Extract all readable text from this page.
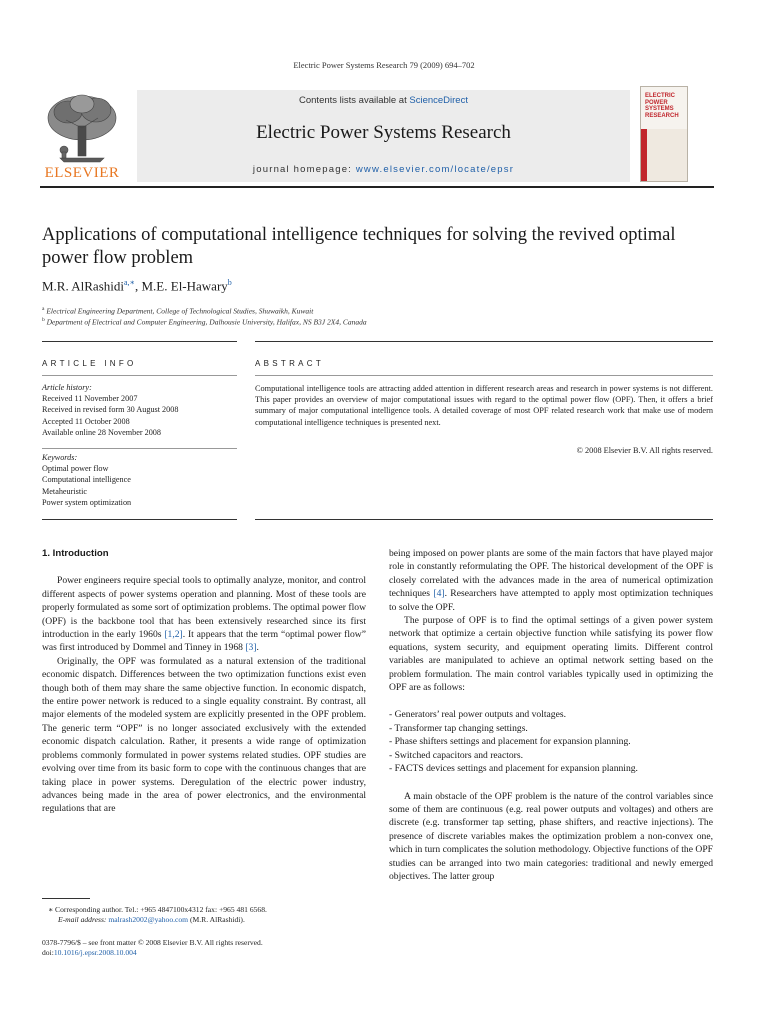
Electric Power Systems Research 79 (2009) 694–702
ELSEVIER
Contents lists available at ScienceDirect
Electric Power Systems Research
journal homepage: www.elsevier.com/locate/epsr
ELECTRIC POWER SYSTEMS RESEARCH
Applications of computational intelligence techniques for solving the revived optimal power flow problem
M.R. AlRashidi$^{a,∗}$, M.E. El-Hawary$^b$
$^a$ Electrical Engineering Department, College of Technological Studies, Shuwaikh, Kuwait
$^b$ Department of Electrical and Computer Engineering, Dalhousie University, Halifax, NS B3J 2X4, Canada
ARTICLE INFO	ABSTRACT
Article history:
Received 11 November 2007
Received in revised form 30 August 2008
Accepted 11 October 2008
Available online 28 November 2008
Keywords:
Optimal power flow
Computational intelligence
Metaheuristic
Power system optimization
Computational intelligence tools are attracting added attention in different research areas and research in power systems is not different. This paper provides an overview of major computational issues with regard to the optimal power flow (OPF). Then, it offers a brief summary of major computational intelligence tools. A detailed coverage of most OPF related research work that make use of modern computational intelligence techniques is presented next.
© 2008 Elsevier B.V. All rights reserved.

1. Introduction

Power engineers require special tools to optimally analyze, monitor, and control different aspects of power systems operation and planning. Most of these tools are properly formulated as some sort of optimization problems. The optimal power flow (OPF) is the backbone tool that has been extensively researched since its first introduction in the early 1960s [1,2]. It appears that the term “optimal power flow” was first introduced by Dommel and Tinney in 1968 [3].

Originally, the OPF was formulated as a natural extension of the traditional economic dispatch. Differences between the two optimization functions exist even though both of them may share the same objective function. In economic dispatch, the entire power network is reduced to a single equality constraint. By contrast, all major elements of the modeled system are explicitly presented in the OPF problem. The generic term “OPF” is no longer associated exclusively with the extended economic dispatch calculation. Rather, it presents a wide range of optimization problems commonly formulated in power systems related studies. OPF studies are evolving over time from its basic form to cope with the continuous changes that are taking place in power systems. Deregulation of the electric power industry, advances being made in the area of power electronics, and the environmental regulations that are

being imposed on power plants are some of the main factors that have played major role in constantly reformulating the OPF. The historical development of the OPF is closely correlated with the advances made in the area of numerical optimization techniques [4]. Researchers have attempted to apply most optimization techniques to solve the OPF.

The purpose of OPF is to find the optimal settings of a given power system network that optimize a certain objective function while satisfying its power flow equations, system security, and equipment operating limits. Different control variables are manipulated to achieve an optimal network setting based on the problem formulation. The main control variables typically used in optimizing the OPF are as follows:

- Generators’ real power outputs and voltages.
- Transformer tap changing settings.
- Phase shifters settings and placement for expansion planning.
- Switched capacitors and reactors.
- FACTS devices settings and placement for expansion planning.

A main obstacle of the OPF problem is the nature of the control variables since some of them are continuous (e.g. real power outputs and voltages) and others are discrete (e.g. transformer tap setting, phase shifters, and reactive injections). The presence of discrete variables makes the optimization problem a non-convex one, which in turn complicates the solution methodology. Objective functions of the OPF studies can be arranged into two main categories: traditional and newly emerged objectives. The latter group

∗ Corresponding author. Tel.: +965 4847100x4312 fax: +965 481 6568.
E-mail address: malrash2002@yahoo.com (M.R. AlRashidi).
0378-7796/$ – see front matter © 2008 Elsevier B.V. All rights reserved.
doi:10.1016/j.epsr.2008.10.004
